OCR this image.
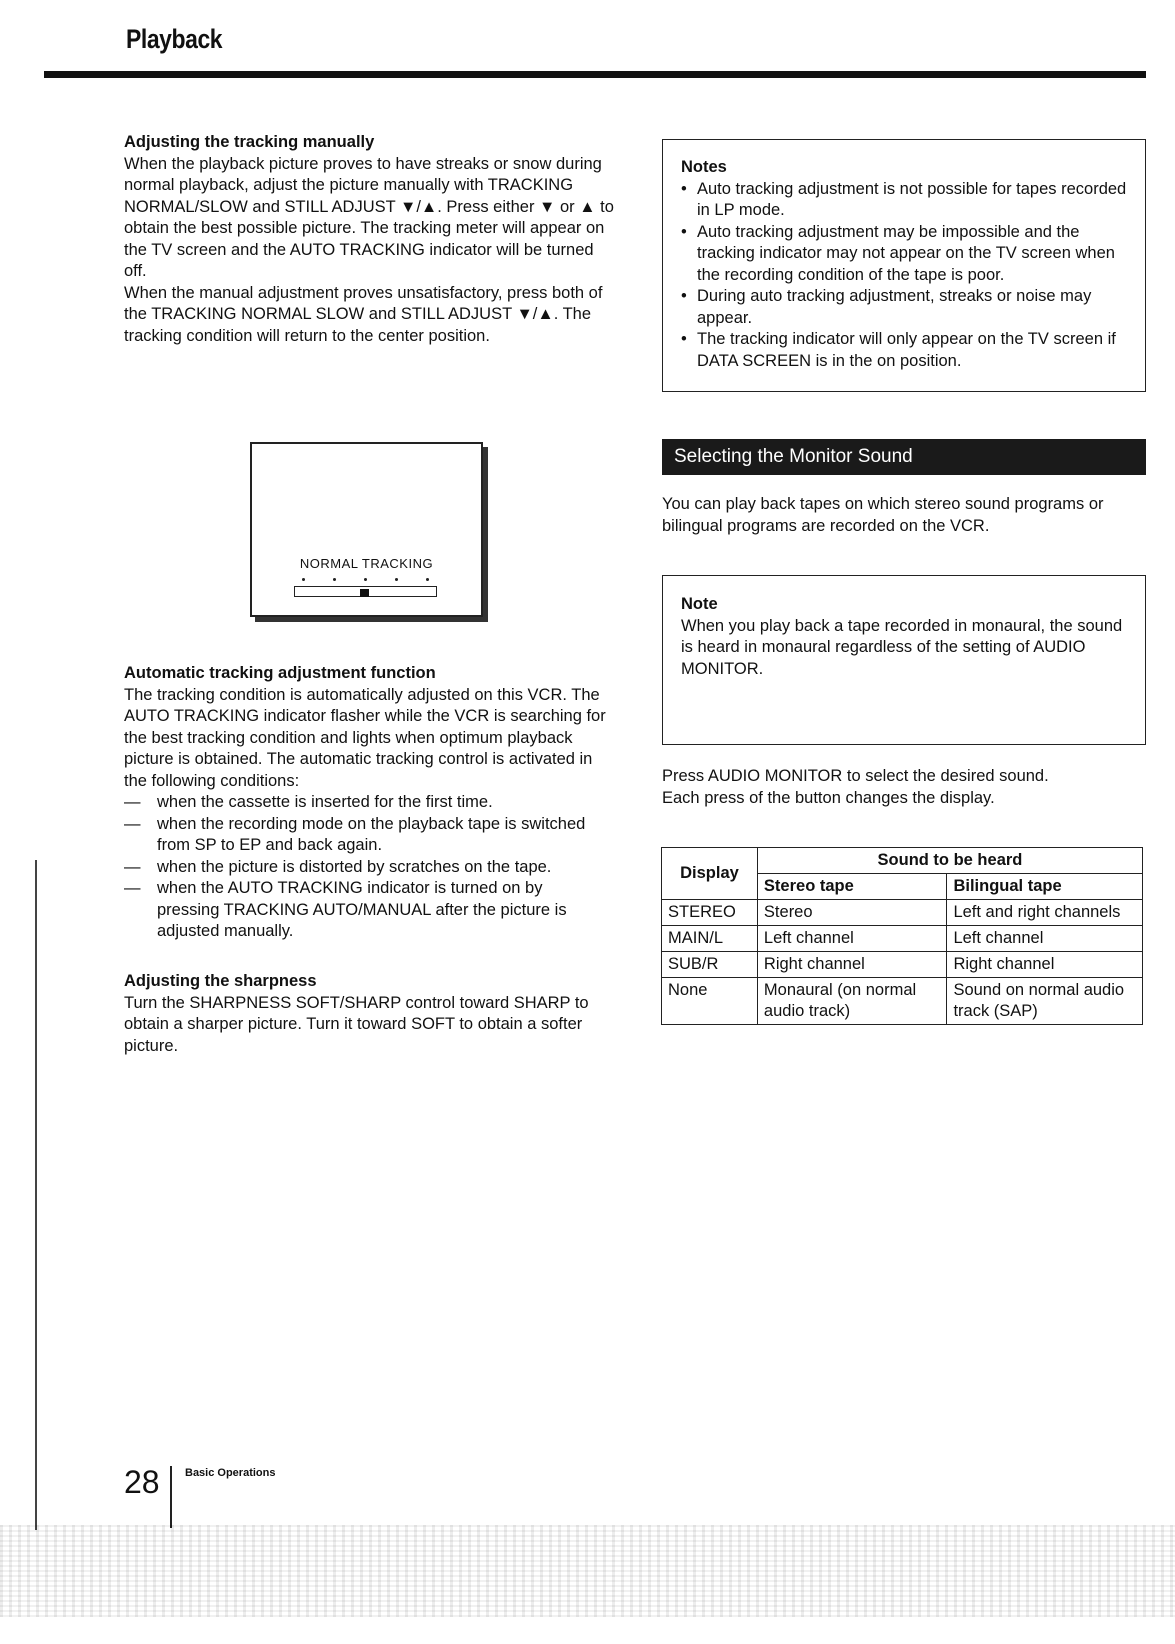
Playback
Adjusting the tracking manually
When the playback picture proves to have streaks or snow during normal playback, adjust the picture manually with TRACKING NORMAL/SLOW and STILL ADJUST ▼/▲. Press either ▼ or ▲ to obtain the best possible picture. The tracking meter will appear on the TV screen and the AUTO TRACKING indicator will be turned off.
When the manual adjustment proves unsatisfactory, press both of the TRACKING NORMAL SLOW and STILL ADJUST ▼/▲. The tracking condition will return to the center position.
NORMAL TRACKING
Automatic tracking adjustment function
The tracking condition is automatically adjusted on this VCR. The AUTO TRACKING indicator flasher while the VCR is searching for the best tracking condition and lights when optimum playback picture is obtained. The automatic tracking control is activated in the following conditions:
— when the cassette is inserted for the first time.
— when the recording mode on the playback tape is switched from SP to EP and back again.
— when the picture is distorted by scratches on the tape.
— when the AUTO TRACKING indicator is turned on by pressing TRACKING AUTO/MANUAL after the picture is adjusted manually.
Adjusting the sharpness
Turn the SHARPNESS SOFT/SHARP control toward SHARP to obtain a sharper picture. Turn it toward SOFT to obtain a softer picture.
Notes
• Auto tracking adjustment is not possible for tapes recorded in LP mode.
• Auto tracking adjustment may be impossible and the tracking indicator may not appear on the TV screen when the recording condition of the tape is poor.
• During auto tracking adjustment, streaks or noise may appear.
• The tracking indicator will only appear on the TV screen if DATA SCREEN is in the on position.
Selecting the Monitor Sound
You can play back tapes on which stereo sound programs or bilingual programs are recorded on the VCR.
Note
When you play back a tape recorded in monaural, the sound is heard in monaural regardless of the setting of AUDIO MONITOR.
Press AUDIO MONITOR to select the desired sound.
Each press of the button changes the display.
Display	Sound to be heard	
	Stereo tape	Bilingual tape
STEREO	Stereo	Left and right channels
MAIN/L	Left channel	Left channel
SUB/R	Right channel	Right channel
None	Monaural (on normal audio track)	Sound on normal audio track (SAP)
28 Basic Operations
